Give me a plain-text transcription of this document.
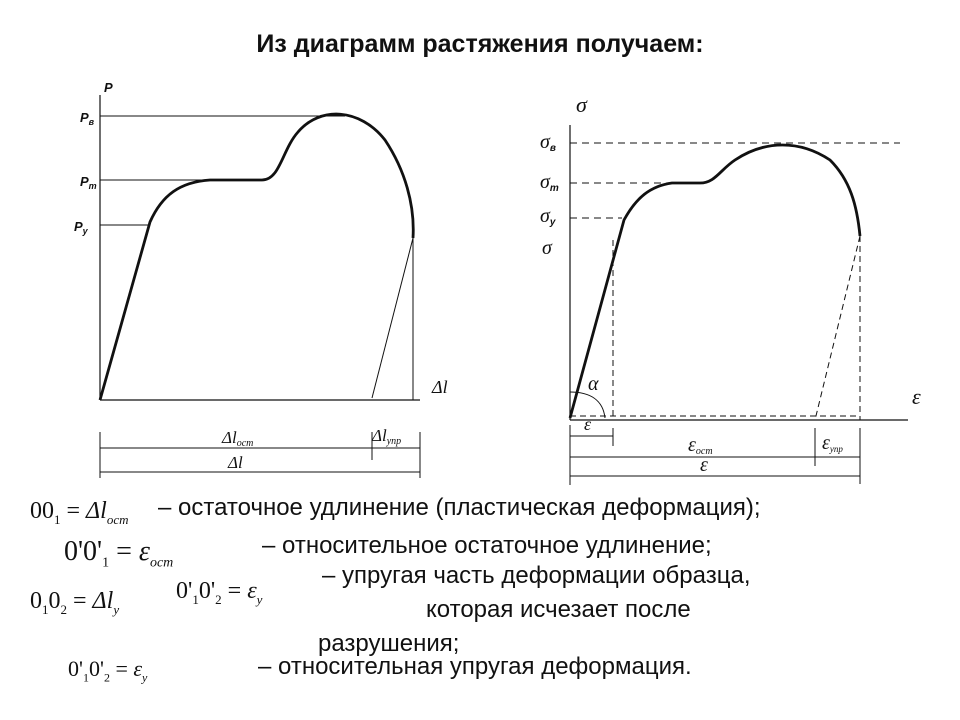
Из диаграмм растяжения получаем:
P
$P_в$
$P_т$
$P_у$
Δl
Δlост	Δlупр
Δl
σ
σв
σт
σу
σ
ε
α
ε
εост	εупр
ε
$00_1 = \Delta l_{ост}$ – остаточное удлинение (пластическая деформация);
$0'0'_1 = \varepsilon_{ост}$
– относительное остаточное удлинение;
$0_10_2 = \Delta l_у$
$0'_10'_2 = \varepsilon_у$
– упругая часть деформации образца,
которая исчезает после
разрушения;
$0'_10'_2 = \varepsilon_у$	– относительная упругая деформация.
